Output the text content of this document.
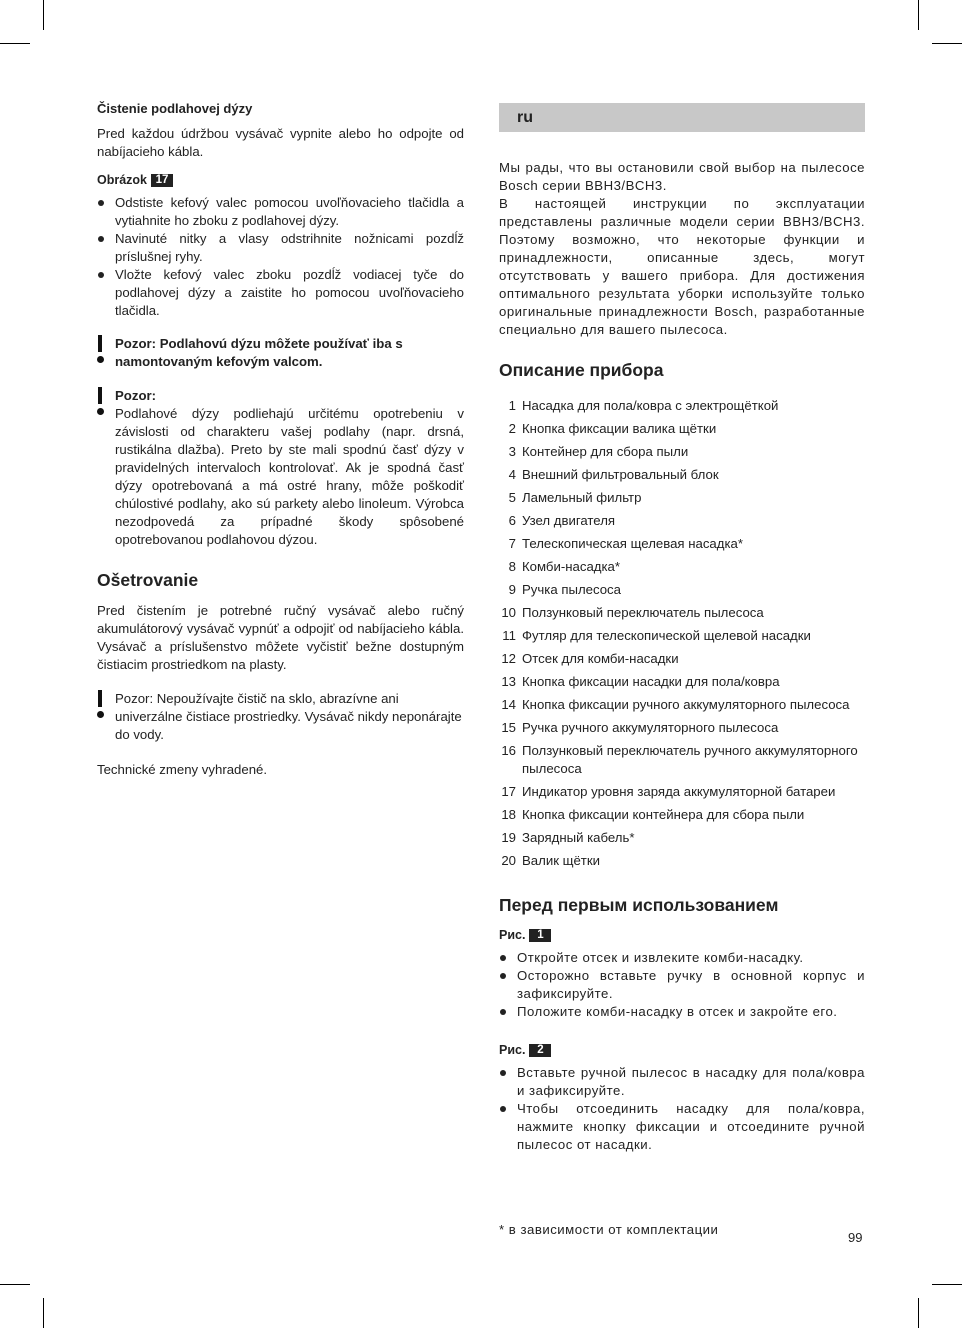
Čistenie podlahovej dýzy

Pred každou údržbou vysávač vypnite alebo ho odpojte od nabíjacieho kábla.

Obrázok 17
Odstiste kefový valec pomocou uvoľňovacieho tlačidla a vytiahnite ho zboku z podlahovej dýzy.
Navinuté nitky a vlasy odstrihnite nožnicami pozdĺž príslušnej ryhy.
Vložte kefový valec zboku pozdĺž vodiacej tyče do podlahovej dýzy a zaistite ho pomocou uvoľňovacieho tlačidla.

Pozor: Podlahovú dýzu môžete používať iba s namontovaným kefovým valcom.

Pozor:

Podlahové dýzy podliehajú určitému opotrebeniu v závislosti od charakteru vašej podlahy (napr. drsná, rustikálna dlažba). Preto by ste mali spodnú časť dýzy v pravidelných intervaloch kontrolovať. Ak je spodná časť dýzy opotrebovaná a má ostré hrany, môže poškodiť chúlostivé podlahy, ako sú parkety alebo linoleum. Výrobca nezodpovedá za prípadné škody spôsobené opotrebovanou podlahovou dýzou.

Ošetrovanie

Pred čistením je potrebné ručný vysávač alebo ručný akumulátorový vysávač vypnúť a odpojiť od nabíjacieho kábla. Vysávač a príslušenstvo môžete vyčistiť bežne dostupným čistiacim prostriedkom na plasty.

Pozor: Nepoužívajte čistič na sklo, abrazívne ani univerzálne čistiace prostriedky. Vysávač nikdy neponárajte do vody.

Technické zmeny vyhradené.

ru

Мы рады, что вы остановили свой выбор на пылесосе Bosch серии BBH3/BCH3.

В настоящей инструкции по эксплуатации представлены различные модели серии BBH3/BCH3. Поэтому возможно, что некоторые функции и принадлежности, описанные здесь, могут отсутствовать у вашего прибора. Для достижения оптимального результата уборки используйте только оригинальные принадлежности Bosch, разработанные специально для вашего пылесоса.

Описание прибора
1 Насадка для пола/ковра с электрощёткой
2 Кнопка фиксации валика щётки
3 Контейнер для сбора пыли
4 Внешний фильтровальный блок
5 Ламельный фильтр
6 Узел двигателя
7 Телескопическая щелевая насадка*
8 Комби-насадка*
9 Ручка пылесоса
10 Ползунковый переключатель пылесоса
11 Футляр для телескопической щелевой насадки
12 Отсек для комби-насадки
13 Кнопка фиксации насадки для пола/ковра
14 Кнопка фиксации ручного аккумуляторного пылесоса
15 Ручка ручного аккумуляторного пылесоса
16 Ползунковый переключатель ручного аккумуляторного пылесоса
17 Индикатор уровня заряда аккумуляторной батареи
18 Кнопка фиксации контейнера для сбора пыли
19 Зарядный кабель*
20 Валик щётки
Перед первым использованием
Рис.	1
Откройте отсек и извлеките комби-насадку.
Осторожно вставьте ручку в основной корпус и зафиксируйте.
Положите комби-насадку в отсек и закройте его.
Рис.	2
Вставьте ручной пылесос в насадку для пола/ковра и зафиксируйте.
Чтобы отсоединить насадку для пола/ковра, нажмите кнопку фиксации и отсоедините ручной пылесос от насадки.

* в зависимости от комплектации

99
